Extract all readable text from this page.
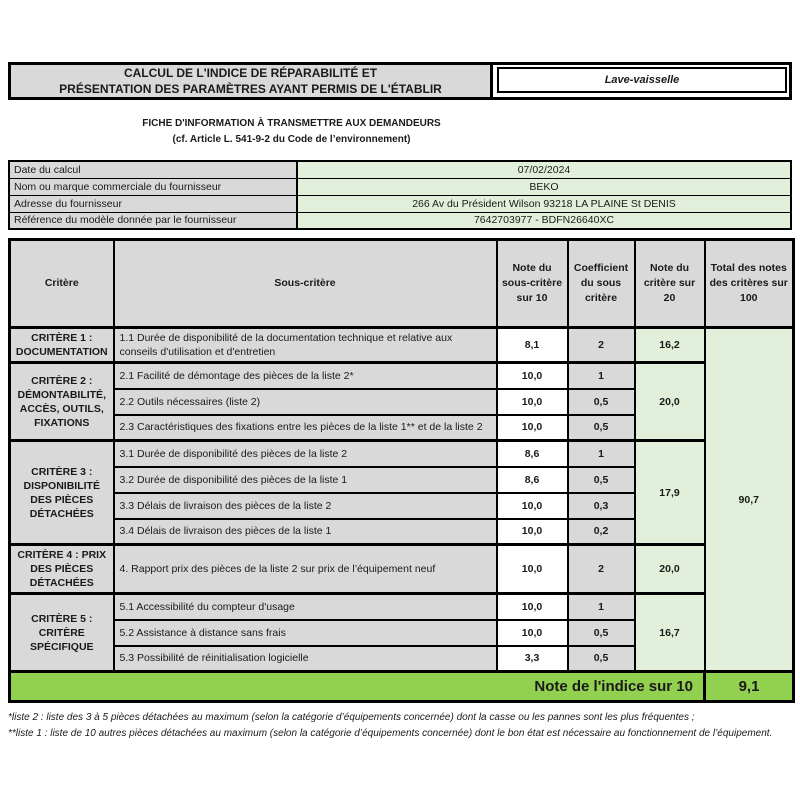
CALCUL DE L'INDICE DE RÉPARABILITÉ ET
PRÉSENTATION DES PARAMÈTRES AYANT PERMIS DE L'ÉTABLIR
Lave-vaisselle
FICHE D'INFORMATION À TRANSMETTRE AUX DEMANDEURS
(cf. Article L. 541-9-2 du Code de l’environnement)
Date du calcul	07/02/2024
Nom ou marque commerciale du fournisseur	BEKO
Adresse du fournisseur	266 Av du Président Wilson 93218 LA PLAINE St DENIS
Référence du modèle donnée par le fournisseur	7642703977 - BDFN26640XC
Critère	Sous-critère	Note du sous-critère sur 10	Coefficient du sous critère	Note du critère sur 20	Total des notes des critères sur 100
CRITÈRE 1 : DOCUMENTATION	1.1 Durée de disponibilité de la documentation technique et relative aux conseils d'utilisation et d'entretien	8,1	2	16,2	90,7
CRITÈRE 2 : DÉMONTABILITÉ, ACCÈS, OUTILS, FIXATIONS	2.1 Facilité de démontage des pièces de la liste 2*	10,0	1	20,0	
	2.2 Outils nécessaires (liste 2)	10,0	0,5		
	2.3 Caractéristiques des fixations entre les pièces de la liste 1** et de la liste 2	10,0	0,5		
CRITÈRE 3 : DISPONIBILITÉ DES PIÈCES DÉTACHÉES	3.1 Durée de disponibilité des pièces de la liste 2	8,6	1	17,9	
	3.2 Durée de disponibilité des pièces de la liste 1	8,6	0,5		
	3.3 Délais de livraison des pièces de la liste 2	10,0	0,3		
	3.4 Délais de livraison des pièces de la liste 1	10,0	0,2		
CRITÈRE 4 : PRIX DES PIÈCES DÉTACHÉES	4. Rapport prix des pièces de la liste 2 sur prix de l’équipement neuf	10,0	2	20,0	
CRITÈRE 5 : CRITÈRE SPÉCIFIQUE	5.1 Accessibilité du compteur d'usage	10,0	1	16,7	
	5.2 Assistance à distance sans frais	10,0	0,5		
	5.3 Possibilité de réinitialisation logicielle	3,3	0,5		
Note de l'indice sur 10					9,1

*liste 2 : liste des 3 à 5 pièces détachées au maximum (selon la catégorie d’équipements concernée) dont la casse ou les pannes sont les plus fréquentes ;

**liste 1 : liste de 10 autres pièces détachées au maximum (selon la catégorie d’équipements concernée) dont le bon état est nécessaire au fonctionnement de l’équipement.
